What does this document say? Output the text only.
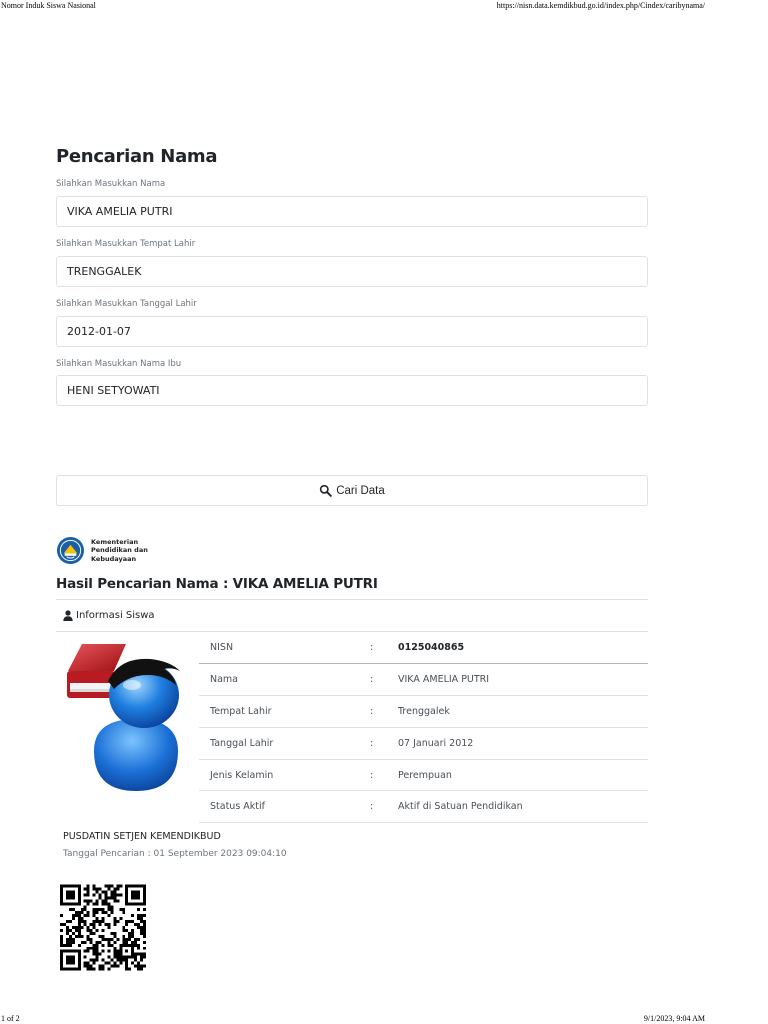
Nomor Induk Siswa Nasional	https://nisn.data.kemdikbud.go.id/index.php/Cindex/caribynama/
Pencarian Nama
Silahkan Masukkan Nama
VIKA AMELIA PUTRI
Silahkan Masukkan Tempat Lahir
TRENGGALEK
Silahkan Masukkan Tanggal Lahir
2012-01-07
Silahkan Masukkan Nama Ibu
HENI SETYOWATI
Cari Data
Kementerian
Pendidikan dan
Kebudayaan
Hasil Pencarian Nama : VIKA AMELIA PUTRI
Informasi Siswa
NISN	:	0125040865
Nama	:	VIKA AMELIA PUTRI
Tempat Lahir	:	Trenggalek
Tanggal Lahir	:	07 Januari 2012
Jenis Kelamin	:	Perempuan
Status Aktif	:	Aktif di Satuan Pendidikan
PUSDATIN SETJEN KEMENDIKBUD
Tanggal Pencarian : 01 September 2023 09:04:10
1 of 2	9/1/2023, 9:04 AM
